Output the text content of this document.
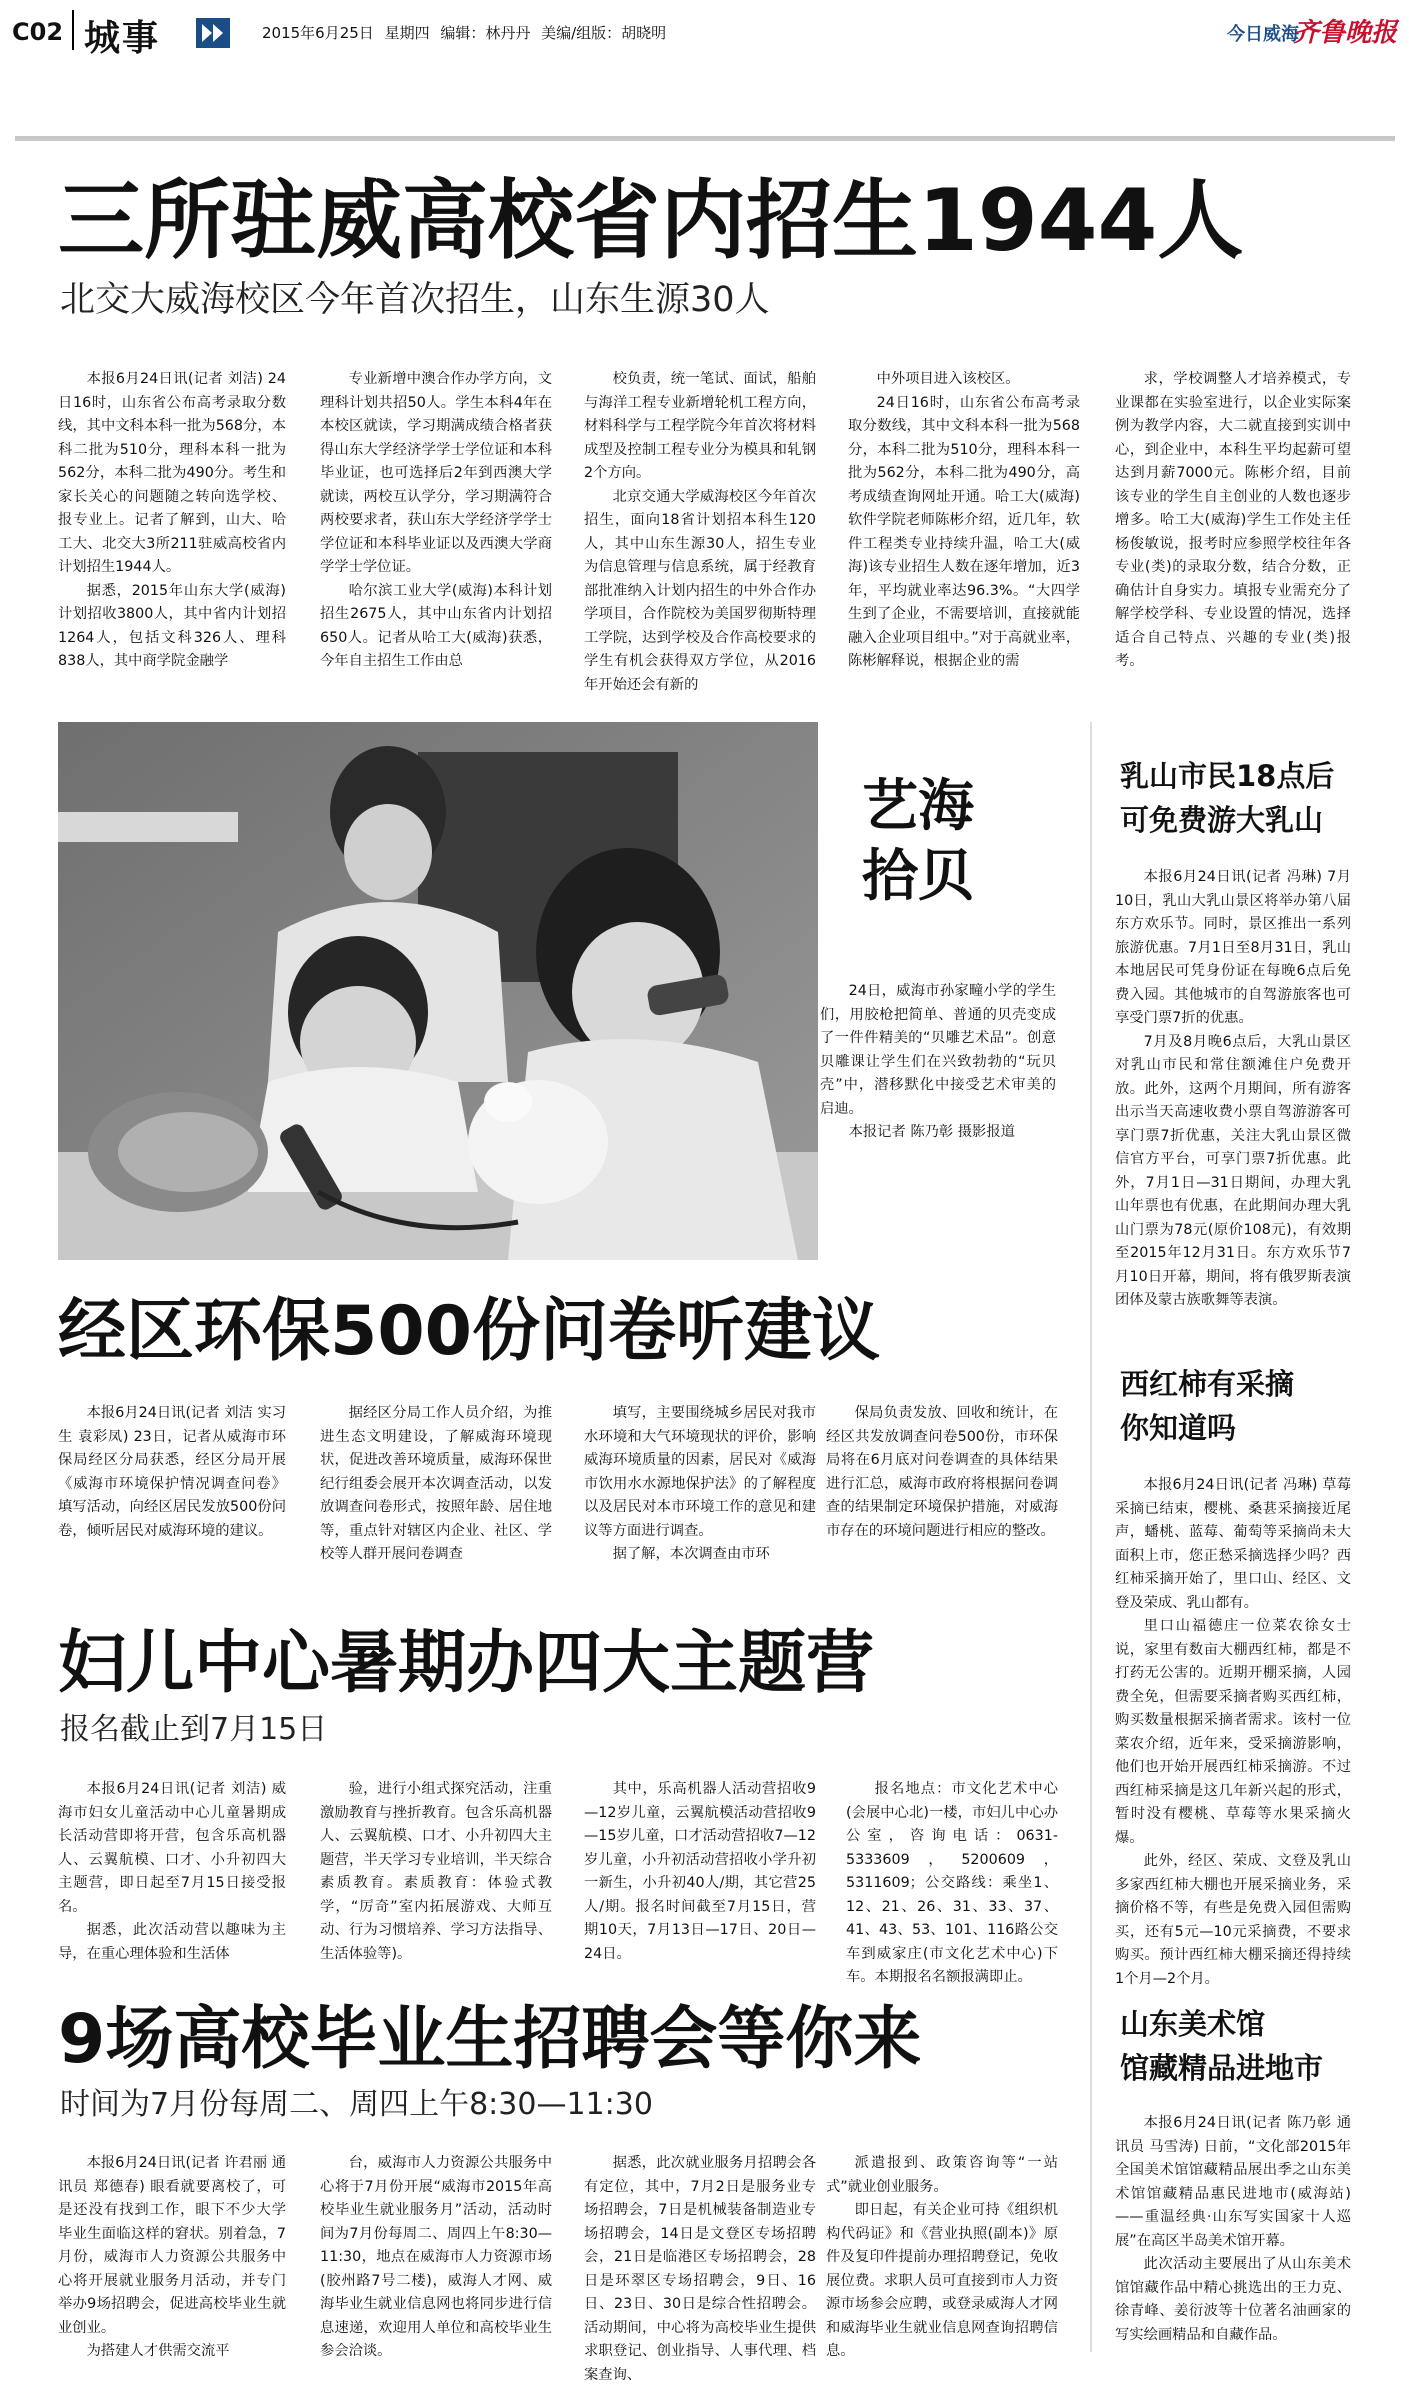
C02 城事	2015年6月25日 星期四 编辑：林丹丹 美编/组版：胡晓明	今日威海
齐鲁晚报
三所驻威高校省内招生1944人
北交大威海校区今年首次招生，山东生源30人

本报6月24日讯(记者 刘洁) 24日16时，山东省公布高考录取分数线，其中文科本科一批为568分，本科二批为510分，理科本科一批为562分，本科二批为490分。考生和家长关心的问题随之转向选学校、报专业上。记者了解到，山大、哈工大、北交大3所211驻威高校省内计划招生1944人。

据悉，2015年山东大学(威海)计划招收3800人，其中省内计划招1264人，包括文科326人、理科838人，其中商学院金融学

专业新增中澳合作办学方向，文理科计划共招50人。学生本科4年在本校区就读，学习期满成绩合格者获得山东大学经济学学士学位证和本科毕业证，也可选择后2年到西澳大学就读，两校互认学分，学习期满符合两校要求者，获山东大学经济学学士学位证和本科毕业证以及西澳大学商学学士学位证。

哈尔滨工业大学(威海)本科计划招生2675人，其中山东省内计划招650人。记者从哈工大(威海)获悉，今年自主招生工作由总

校负责，统一笔试、面试，船舶与海洋工程专业新增轮机工程方向，材料科学与工程学院今年首次将材料成型及控制工程专业分为模具和轧钢2个方向。

北京交通大学威海校区今年首次招生，面向18省计划招本科生120人，其中山东生源30人，招生专业为信息管理与信息系统，属于经教育部批准纳入计划内招生的中外合作办学项目，合作院校为美国罗彻斯特理工学院，达到学校及合作高校要求的学生有机会获得双方学位，从2016年开始还会有新的

中外项目进入该校区。

24日16时，山东省公布高考录取分数线，其中文科本科一批为568分，本科二批为510分，理科本科一批为562分，本科二批为490分，高考成绩查询网址开通。哈工大(威海)软件学院老师陈彬介绍，近几年，软件工程类专业持续升温，哈工大(威海)该专业招生人数在逐年增加，近3年，平均就业率达96.3%。“大四学生到了企业，不需要培训，直接就能融入企业项目组中。”对于高就业率，陈彬解释说，根据企业的需

求，学校调整人才培养模式，专业课都在实验室进行，以企业实际案例为教学内容，大二就直接到实训中心，到企业中，本科生平均起薪可望达到月薪7000元。陈彬介绍，目前该专业的学生自主创业的人数也逐步增多。哈工大(威海)学生工作处主任杨俊敏说，报考时应参照学校往年各专业(类)的录取分数，结合分数，正确估计自身实力。填报专业需充分了解学校学科、专业设置的情况，选择适合自己特点、兴趣的专业(类)报考。

艺海
拾贝

24日，威海市孙家疃小学的学生们，用胶枪把简单、普通的贝壳变成了一件件精美的“贝雕艺术品”。创意贝雕课让学生们在兴致勃勃的“玩贝壳”中，潜移默化中接受艺术审美的启迪。

本报记者 陈乃彰 摄影报道

乳山市民18点后
可免费游大乳山

本报6月24日讯(记者 冯琳) 7月10日，乳山大乳山景区将举办第八届东方欢乐节。同时，景区推出一系列旅游优惠。7月1日至8月31日，乳山本地居民可凭身份证在每晚6点后免费入园。其他城市的自驾游旅客也可享受门票7折的优惠。

7月及8月晚6点后，大乳山景区对乳山市民和常住额滩住户免费开放。此外，这两个月期间，所有游客出示当天高速收费小票自驾游游客可享门票7折优惠，关注大乳山景区微信官方平台，可享门票7折优惠。此外，7月1日—31日期间，办理大乳山年票也有优惠，在此期间办理大乳山门票为78元(原价108元)，有效期至2015年12月31日。东方欢乐节7月10日开幕，期间，将有俄罗斯表演团体及蒙古族歌舞等表演。

经区环保500份问卷听建议

本报6月24日讯(记者 刘洁 实习生 袁彩凤) 23日，记者从威海市环保局经区分局获悉，经区分局开展《威海市环境保护情况调查问卷》 填写活动，向经区居民发放500份问卷，倾听居民对威海环境的建议。

据经区分局工作人员介绍，为推进生态文明建设，了解威海环境现状，促进改善环境质量，威海环保世纪行组委会展开本次调查活动，以发放调查问卷形式，按照年龄、居住地等，重点针对辖区内企业、社区、学校等人群开展问卷调查

填写，主要围绕城乡居民对我市水环境和大气环境现状的评价，影响威海环境质量的因素，居民对《威海市饮用水水源地保护法》的了解程度以及居民对本市环境工作的意见和建议等方面进行调查。

据了解，本次调查由市环

保局负责发放、回收和统计，在经区共发放调查问卷500份，市环保局将在6月底对问卷调查的具体结果进行汇总，威海市政府将根据问卷调查的结果制定环境保护措施，对威海市存在的环境问题进行相应的整改。

西红柿有采摘
你知道吗

本报6月24日讯(记者 冯琳) 草莓采摘已结束，樱桃、桑葚采摘接近尾声，蟠桃、蓝莓、葡萄等采摘尚未大面积上市，您正愁采摘选择少吗？西红柿采摘开始了，里口山、经区、文登及荣成、乳山都有。

里口山福德庄一位菜农徐女士说，家里有数亩大棚西红柿，都是不打药无公害的。近期开棚采摘，人园费全免，但需要采摘者购买西红柿，购买数量根据采摘者需求。该村一位菜农介绍，近年来，受采摘游影响，他们也开始开展西红柿采摘游。不过西红柿采摘是这几年新兴起的形式，暂时没有樱桃、草莓等水果采摘火爆。

此外，经区、荣成、文登及乳山多家西红柿大棚也开展采摘业务，采摘价格不等，有些是免费入园但需购买，还有5元—10元采摘费，不要求购买。预计西红柿大棚采摘还得持续1个月—2个月。

妇儿中心暑期办四大主题营
报名截止到7月15日

本报6月24日讯(记者 刘洁) 威海市妇女儿童活动中心儿童暑期成长活动营即将开营，包含乐高机器人、云翼航模、口才、小升初四大主题营，即日起至7月15日接受报名。

据悉，此次活动营以趣味为主导，在重心理体验和生活体

验，进行小组式探究活动，注重激励教育与挫折教育。包含乐高机器人、云翼航模、口才、小升初四大主题营，半天学习专业培训，半天综合素质教育。素质教育：体验式教学，“厉奇”室内拓展游戏、大师互动、行为习惯培养、学习方法指导、生活体验等)。

其中，乐高机器人活动营招收9—12岁儿童，云翼航模活动营招收9—15岁儿童，口才活动营招收7—12岁儿童，小升初活动营招收小学升初一新生，小升初40人/期，其它营25人/期。报名时间截至7月15日，营期10天，7月13日—17日、20日—24日。

报名地点：市文化艺术中心(会展中心北)一楼，市妇儿中心办公室，咨询电话：0631-5333609，5200609，5311609；公交路线：乘坐1、12、21、26、31、33、37、41、43、53、101、116路公交车到威家庄(市文化艺术中心)下车。本期报名名额报满即止。

山东美术馆
馆藏精品进地市

本报6月24日讯(记者 陈乃彰 通讯员 马雪涛) 日前，“文化部2015年全国美术馆馆藏精品展出季之山东美术馆馆藏精品惠民进地市(威海站)——重温经典·山东写实国家十人巡展”在高区半岛美术馆开幕。

此次活动主要展出了从山东美术馆馆藏作品中精心挑选出的王力克、徐青峰、姜衍波等十位著名油画家的写实绘画精品和自藏作品。

9场高校毕业生招聘会等你来
时间为7月份每周二、周四上午8:30—11:30

本报6月24日讯(记者 许君丽 通讯员 郑德春) 眼看就要离校了，可是还没有找到工作，眼下不少大学毕业生面临这样的窘状。别着急，7月份，威海市人力资源公共服务中心将开展就业服务月活动，并专门举办9场招聘会，促进高校毕业生就业创业。

为搭建人才供需交流平

台，威海市人力资源公共服务中心将于7月份开展“威海市2015年高校毕业生就业服务月”活动，活动时间为7月份每周二、周四上午8:30—11:30，地点在威海市人力资源市场(胶州路7号二楼)，威海人才网、威海毕业生就业信息网也将同步进行信息速递，欢迎用人单位和高校毕业生参会洽谈。

据悉，此次就业服务月招聘会各有定位，其中，7月2日是服务业专场招聘会，7日是机械装备制造业专场招聘会，14日是文登区专场招聘会，21日是临港区专场招聘会，28日是环翠区专场招聘会，9日、16日、23日、30日是综合性招聘会。活动期间，中心将为高校毕业生提供求职登记、创业指导、人事代理、档案查询、

派遣报到、政策咨询等“一站式”就业创业服务。

即日起，有关企业可持《组织机构代码证》和《营业执照(副本)》原件及复印件提前办理招聘登记，免收展位费。求职人员可直接到市人力资源市场参会应聘，或登录威海人才网和威海毕业生就业信息网查询招聘信息。
